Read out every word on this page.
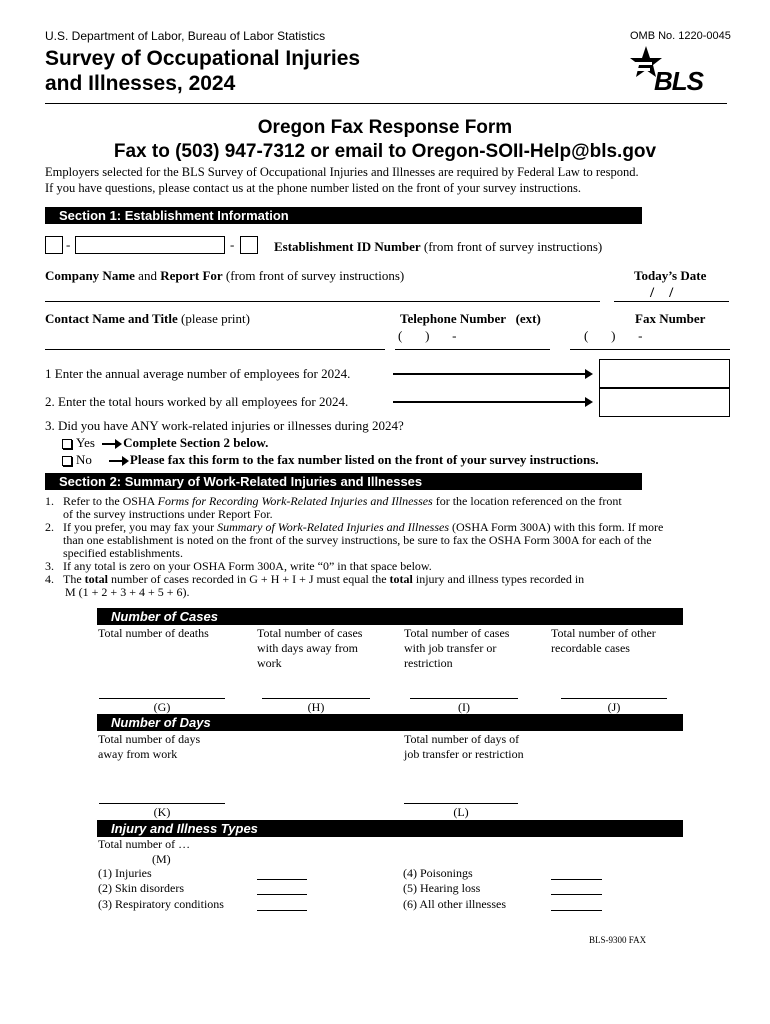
U.S. Department of Labor, Bureau of Labor Statistics	OMB No. 1220-0045
Survey of Occupational Injuries
and Illnesses, 2024	BLS
Oregon Fax Response Form
Fax to (503) 947-7312 or email to Oregon-SOII-Help@bls.gov
Employers selected for the BLS Survey of Occupational Injuries and Illnesses are required by Federal Law to respond.
If you have questions, please contact us at the phone number listed on the front of your survey instructions.
Section 1: Establishment Information
-	-	Establishment ID Number (from front of survey instructions)
Company Name and Report For (from front of survey instructions)	Today’s Date
/    /
Contact Name and Title (please print)	Telephone Number (ext)
(       )       -
Fax Number
(       )       -
1 Enter the annual average number of employees for 2024.
2. Enter the total hours worked by all employees for 2024.
3. Did you have ANY work-related injuries or illnesses during 2024?
Yes Complete Section 2 below.
No	Please fax this form to the fax number listed on the front of your survey instructions.
Section 2: Summary of Work-Related Injuries and Illnesses
1. Refer to the OSHA Forms for Recording Work-Related Injuries and Illnesses for the location referenced on the front
of the survey instructions under Report For.
2. If you prefer, you may fax your Summary of Work-Related Injuries and Illnesses (OSHA Form 300A) with this form. If more
than one establishment is noted on the front of the survey instructions, be sure to fax the OSHA Form 300A for each of the
specified establishments.
3. If any total is zero on your OSHA Form 300A, write “0” in that space below.
4. The total number of cases recorded in G + H + I + J must equal the total injury and illness types recorded in
M (1 + 2 + 3 + 4 + 5 + 6).
Number of Cases
Total number of deaths	Total number of cases with days away from work
Total number of cases with job transfer or restriction
Total number of other recordable cases
(G)	(H)	(I)	(J)
Number of Days
Total number of days away from work
Total number of days of job transfer or restriction
(K)	(L)
Injury and Illness Types
Total number of …
(M)
(1) Injuries
(2) Skin disorders
(3) Respiratory conditions
(4) Poisonings
(5) Hearing loss
(6) All other illnesses
BLS-9300 FAX
